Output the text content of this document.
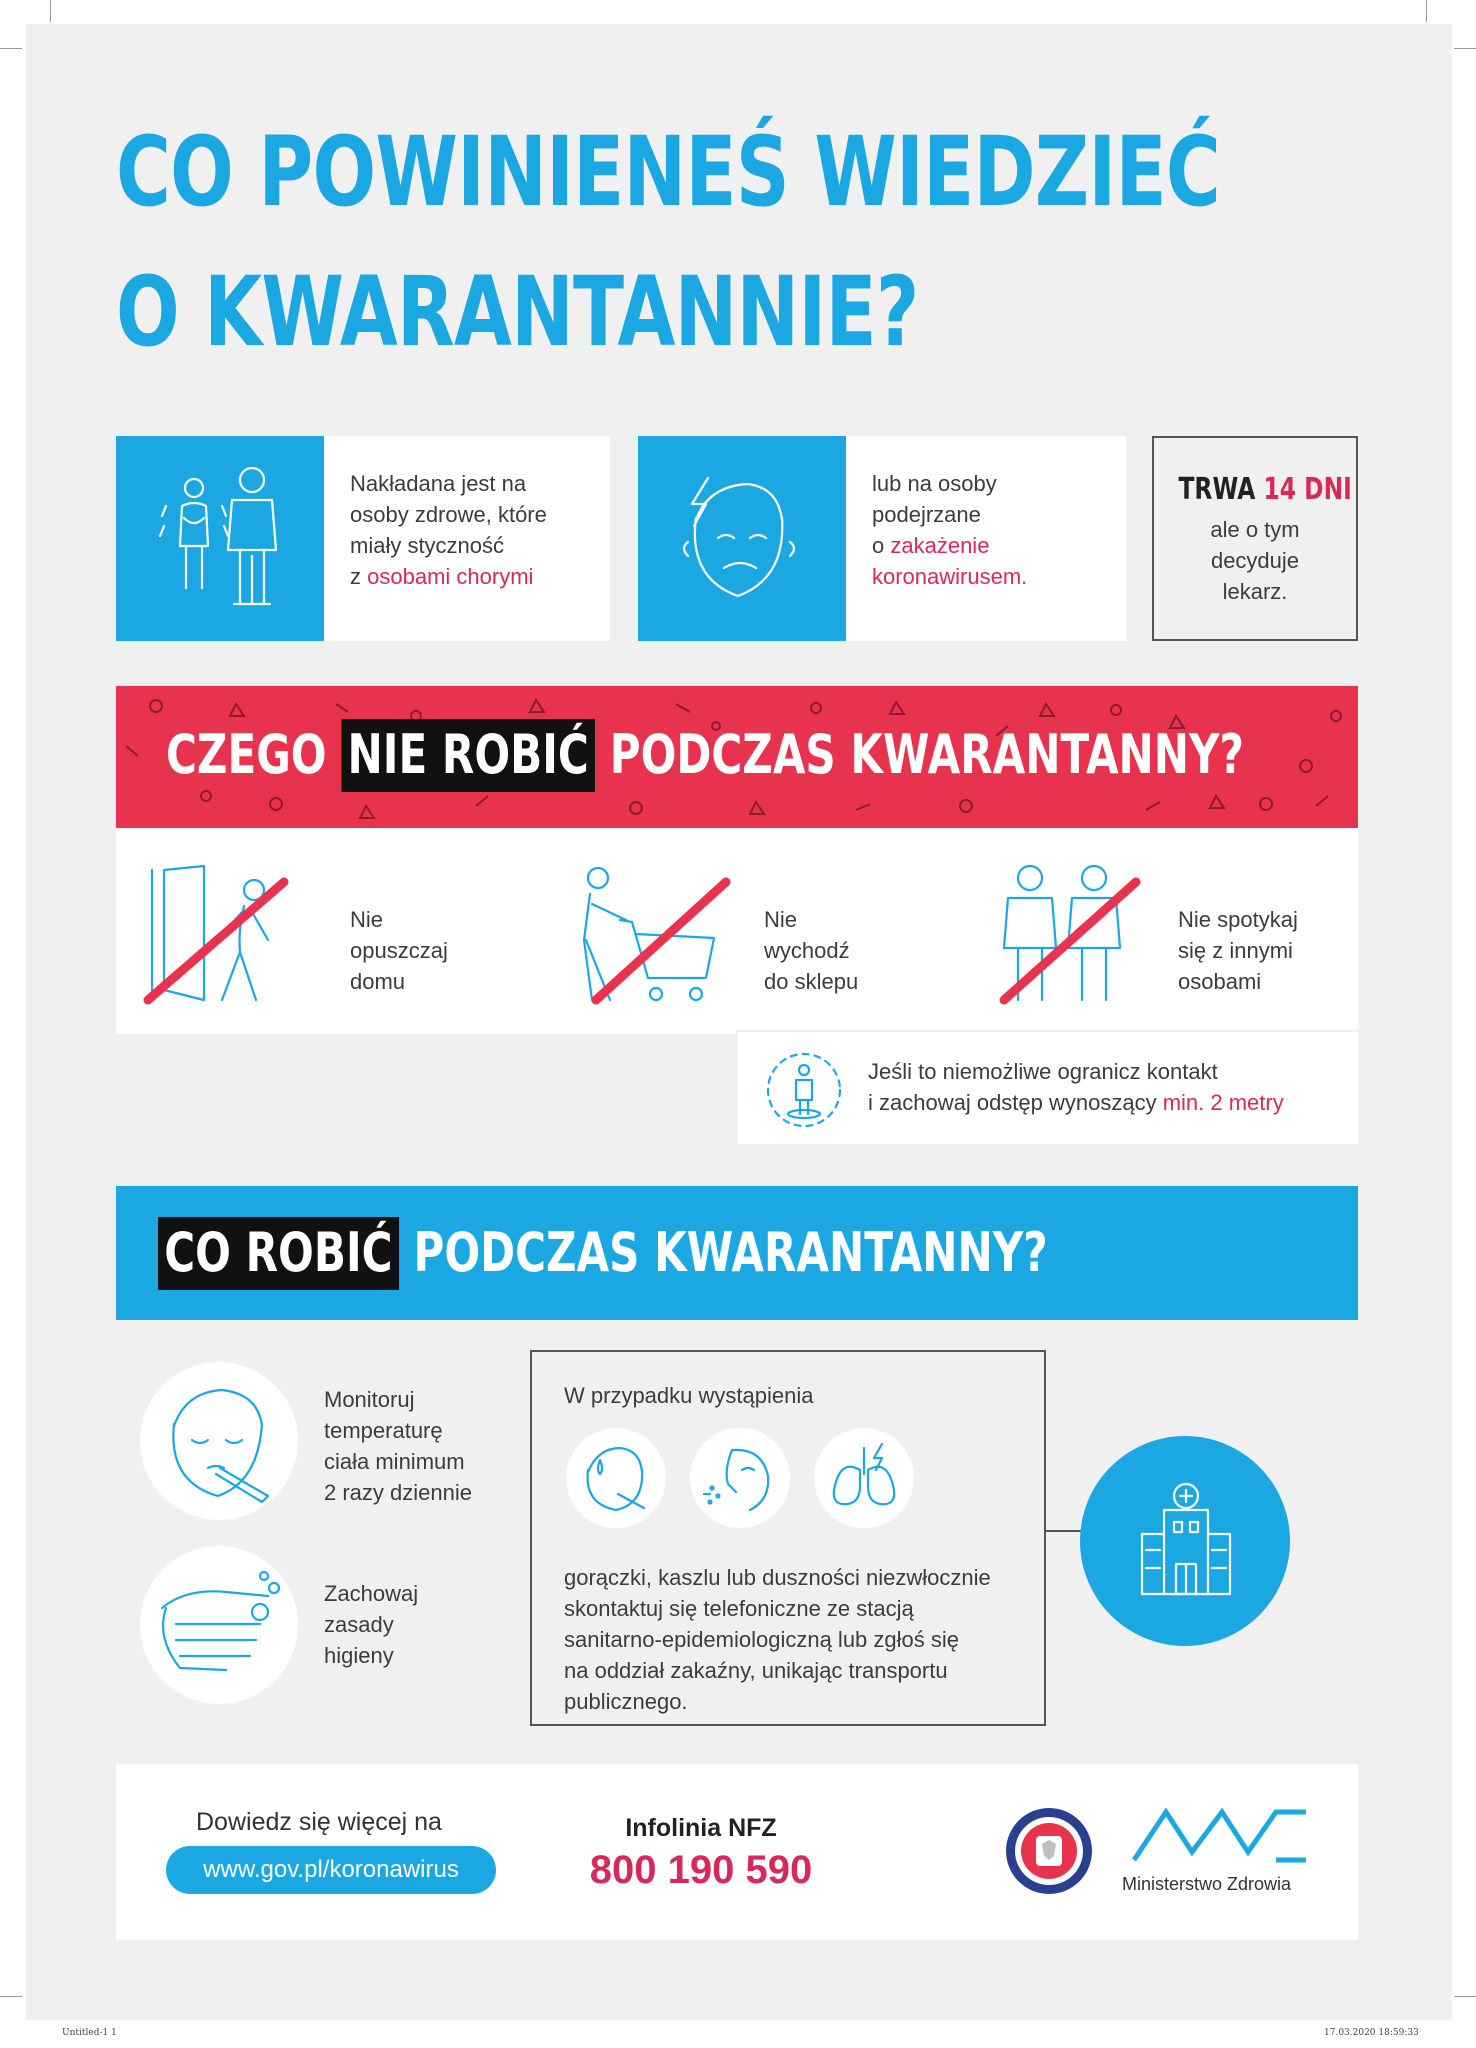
Untitled-1 1	17.03.2020 18:59:33
CO POWINIENEŚ WIEDZIEĆ
O KWARANTANNIE?
Nakładana jest na
osoby zdrowe, które
miały styczność
z osobami chorymi
lub na osoby
podejrzane
o zakażenie
koronawirusem.
TRWA 14 DNI
ale o tym
decyduje
lekarz.
CZEGO NIE ROBIĆ PODCZAS KWARANTANNY?
Nie
opuszczaj
domu
Nie
wychodź
do sklepu
Nie spotykaj
się z innymi
osobami
Jeśli to niemożliwe ogranicz kontakt
i zachowaj odstęp wynoszący min. 2 metry
CO ROBIĆ PODCZAS KWARANTANNY?
Monitoruj
temperaturę
ciała minimum
2 razy dziennie
Zachowaj
zasady
higieny
W przypadku wystąpienia
gorączki, kaszlu lub duszności niezwłocznie
skontaktuj się telefoniczne ze stacją
sanitarno-epidemiologiczną lub zgłoś się
na oddział zakaźny, unikając transportu
publicznego.
Dowiedz się więcej na
www.gov.pl/koronawirus
Infolinia NFZ
800 190 590	Ministerstwo Zdrowia
